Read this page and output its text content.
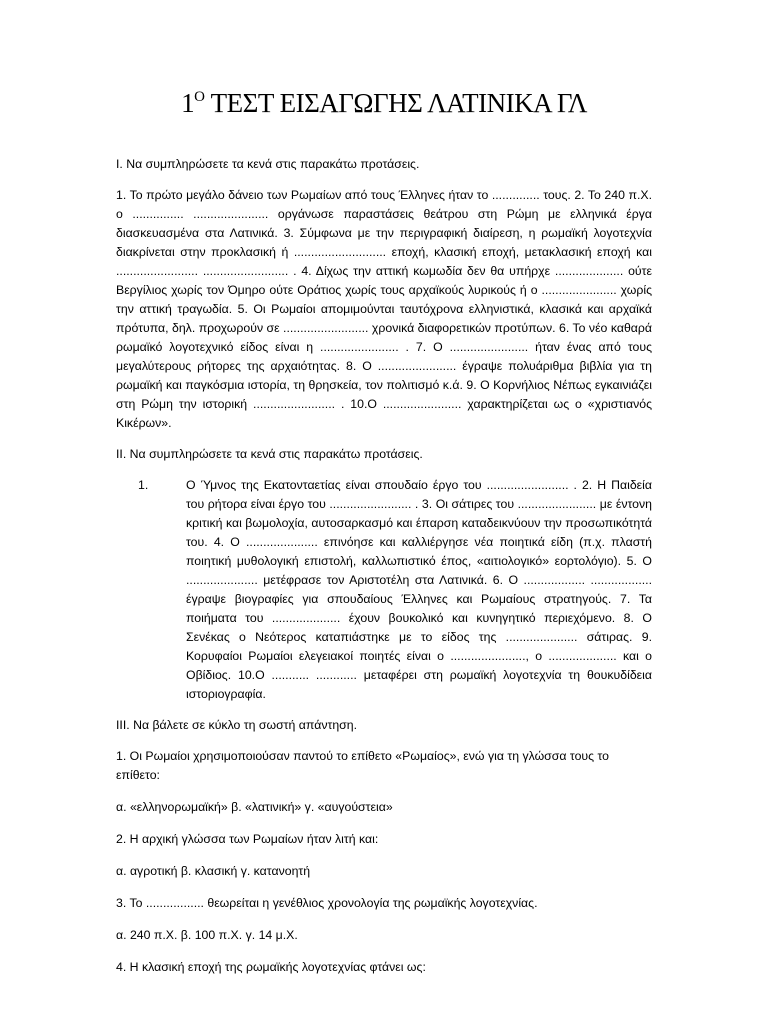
$1^O$ ΤΕΣΤ ΕΙΣΑΓΩΓΗΣ ΛΑΤΙΝΙΚΑ ΓΛ

Ι. Να συμπληρώσετε τα κενά στις παρακάτω προτάσεις.

1. Το πρώτο μεγάλο δάνειο των Ρωμαίων από τους Έλληνες ήταν το .............. τους. 2. Το 240 π.Χ. ο ............... ...................... οργάνωσε παραστάσεις θεάτρου στη Ρώμη με ελληνικά έργα διασκευασμένα στα Λατινικά. 3. Σύμφωνα με την περιγραφική διαίρεση, η ρωμαϊκή λογοτεχνία διακρίνεται στην προκλασική ή ........................... εποχή, κλασική εποχή, μετακλασική εποχή και ........................ ......................... . 4. Δίχως την αττική κωμωδία δεν θα υπήρχε .................... ούτε Βεργίλιος χωρίς τον Όμηρο ούτε Οράτιος χωρίς τους αρχαϊκούς λυρικούς ή ο ...................... χωρίς την αττική τραγωδία. 5. Οι Ρωμαίοι απομιμούνται ταυτόχρονα ελληνιστικά, κλασικά και αρχαϊκά πρότυπα, δηλ. προχωρούν σε ......................... χρονικά διαφορετικών προτύπων. 6. Το νέο καθαρά ρωμαϊκό λογοτεχνικό είδος είναι η ....................... . 7. Ο ....................... ήταν ένας από τους μεγαλύτερους ρήτορες της αρχαιότητας. 8. Ο ....................... έγραψε πολυάριθμα βιβλία για τη ρωμαϊκή και παγκόσμια ιστορία, τη θρησκεία, τον πολιτισμό κ.ά. 9. Ο Κορνήλιος Νέπως εγκαινιάζει στη Ρώμη την ιστορική ........................ . 10.Ο ....................... χαρακτηρίζεται ως ο «χριστιανός Κικέρων».

ΙΙ. Να συμπληρώσετε τα κενά στις παρακάτω προτάσεις.

1.	Ο Ύμνος της Εκατονταετίας είναι σπουδαίο έργο του ........................ . 2. Η Παιδεία του ρήτορα είναι έργο του ........................ . 3. Οι σάτιρες του ....................... με έντονη κριτική και βωμολοχία, αυτοσαρκασμό και έπαρση καταδεικνύουν την προσωπικότητά του. 4. Ο ..................... επινόησε και καλλιέργησε νέα ποιητικά είδη (π.χ. πλαστή ποιητική μυθολογική επιστολή, καλλωπιστικό έπος, «αιτιολογικό» εορτολόγιο). 5. Ο ..................... μετέφρασε τον Αριστοτέλη στα Λατινικά. 6. Ο .................. .................. έγραψε βιογραφίες για σπουδαίους Έλληνες και Ρωμαίους στρατηγούς. 7. Τα ποιήματα του .................... έχουν βουκολικό και κυνηγητικό περιεχόμενο. 8. Ο Σενέκας ο Νεότερος καταπιάστηκε με το είδος της ..................... σάτιρας. 9. Κορυφαίοι Ρωμαίοι ελεγειακοί ποιητές είναι ο ......................, ο .................... και ο Οβίδιος. 10.Ο ........... ............ μεταφέρει στη ρωμαϊκή λογοτεχνία τη θουκυδίδεια ιστοριογραφία.

ΙΙΙ. Να βάλετε σε κύκλο τη σωστή απάντηση.

1. Οι Ρωμαίοι χρησιμοποιούσαν παντού το επίθετο «Ρωμαίος», ενώ για τη γλώσσα τους το επίθετο:

α. «ελληνορωμαϊκή» β. «λατινική» γ. «αυγούστεια»

2. Η αρχική γλώσσα των Ρωμαίων ήταν λιτή και:

α. αγροτική β. κλασική γ. κατανοητή

3. Το ................. θεωρείται η γενέθλιος χρονολογία της ρωμαϊκής λογοτεχνίας.

α. 240 π.Χ. β. 100 π.Χ. γ. 14 μ.Χ.

4. Η κλασική εποχή της ρωμαϊκής λογοτεχνίας φτάνει ως:
